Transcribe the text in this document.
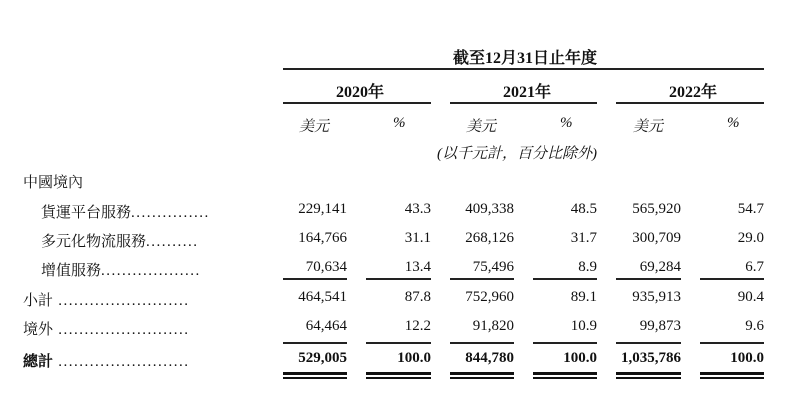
截至12月31日止年度
2020年	2021年	2022年
美元	%	美元	%	美元	%
(以千元計，百分比除外)
中國境內
貨運平台服務...............	229,141	43.3	409,338	48.5	565,920	54.7
多元化物流服務..........	164,766	31.1	268,126	31.7	300,709	29.0
增值服務...................	70,634	13.4	75,496	8.9	69,284	6.7
小計 .........................	464,541	87.8	752,960	89.1	935,913	90.4
境外 .........................	64,464	12.2	91,820	10.9	99,873	9.6
總計 .........................	529,005	100.0	844,780	100.0	1,035,786	100.0
